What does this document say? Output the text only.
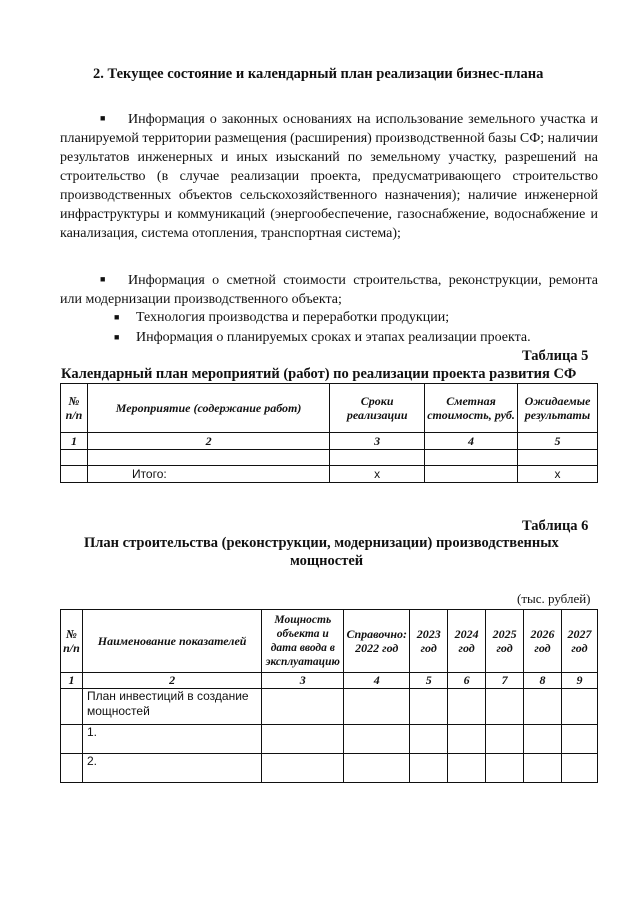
2. Текущее состояние и календарный план реализации бизнес-плана
■ Информация о законных основаниях на использование земельного участка и планируемой территории размещения (расширения) производственной базы СФ; наличии результатов инженерных и иных изысканий по земельному участку, разрешений на строительство (в случае реализации проекта, предусматривающего строительство производственных объектов сельскохозяйственного назначения); наличие инженерной инфраструктуры и коммуникаций (энергообеспечение, газоснабжение, водоснабжение и канализация, система отопления, транспортная система);
■ Информация о сметной стоимости строительства, реконструкции, ремонта или модернизации производственного объекта;
■ Технология производства и переработки продукции;
■ Информация о планируемых сроках и этапах реализации проекта.
Таблица 5
Календарный план мероприятий (работ) по реализации проекта развития СФ
№ п/п	Мероприятие (содержание работ)	Сроки реализации	Сметная стоимость, руб.	Ожидаемые результаты
1	2	3	4	5

	Итого:	x		x
Таблица 6
План строительства (реконструкции, модернизации) производственных
мощностей
(тыс. рублей)
№ п/п	Наименование показателей	Мощность объекта и дата ввода в эксплуатацию	Справочно: 2022 год	2023 год	2024 год	2025 год	2026 год	2027 год
1	2	3	4	5	6	7	8	9
	План инвестиций в создание мощностей							
	1.							
	2.							
